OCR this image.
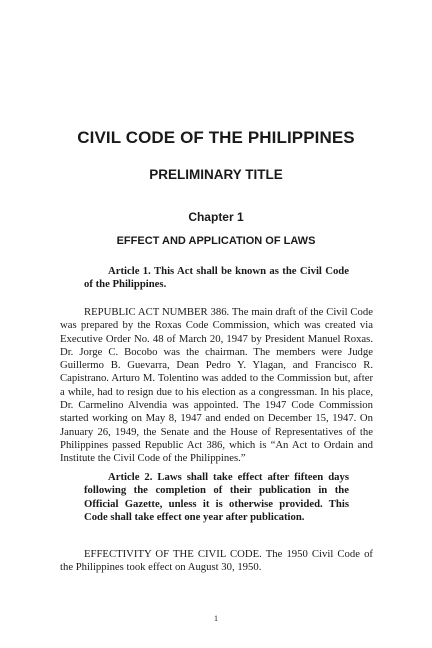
CIVIL CODE OF THE PHILIPPINES
PRELIMINARY TITLE
Chapter 1
EFFECT AND APPLICATION OF LAWS

Article 1. This Act shall be known as the Civil Code of the Philippines.

REPUBLIC ACT NUMBER 386. The main draft of the Civil Code was prepared by the Roxas Code Commission, which was created via Executive Order No. 48 of March 20, 1947 by President Manuel Roxas. Dr. Jorge C. Bocobo was the chairman. The members were Judge Guillermo B. Guevarra, Dean Pedro Y. Ylagan, and Francisco R. Capistrano. Arturo M. Tolentino was added to the Commission but, after a while, had to resign due to his election as a congressman. In his place, Dr. Carmelino Alvendia was appointed. The 1947 Code Commission started working on May 8, 1947 and ended on December 15, 1947. On January 26, 1949, the Senate and the House of Representatives of the Philippines passed Republic Act 386, which is “An Act to Ordain and Institute the Civil Code of the Philippines.”

Article 2. Laws shall take effect after fifteen days following the completion of their publication in the Official Gazette, unless it is otherwise provided. This Code shall take effect one year after publication.

EFFECTIVITY OF THE CIVIL CODE. The 1950 Civil Code of the Philippines took effect on August 30, 1950.

1
